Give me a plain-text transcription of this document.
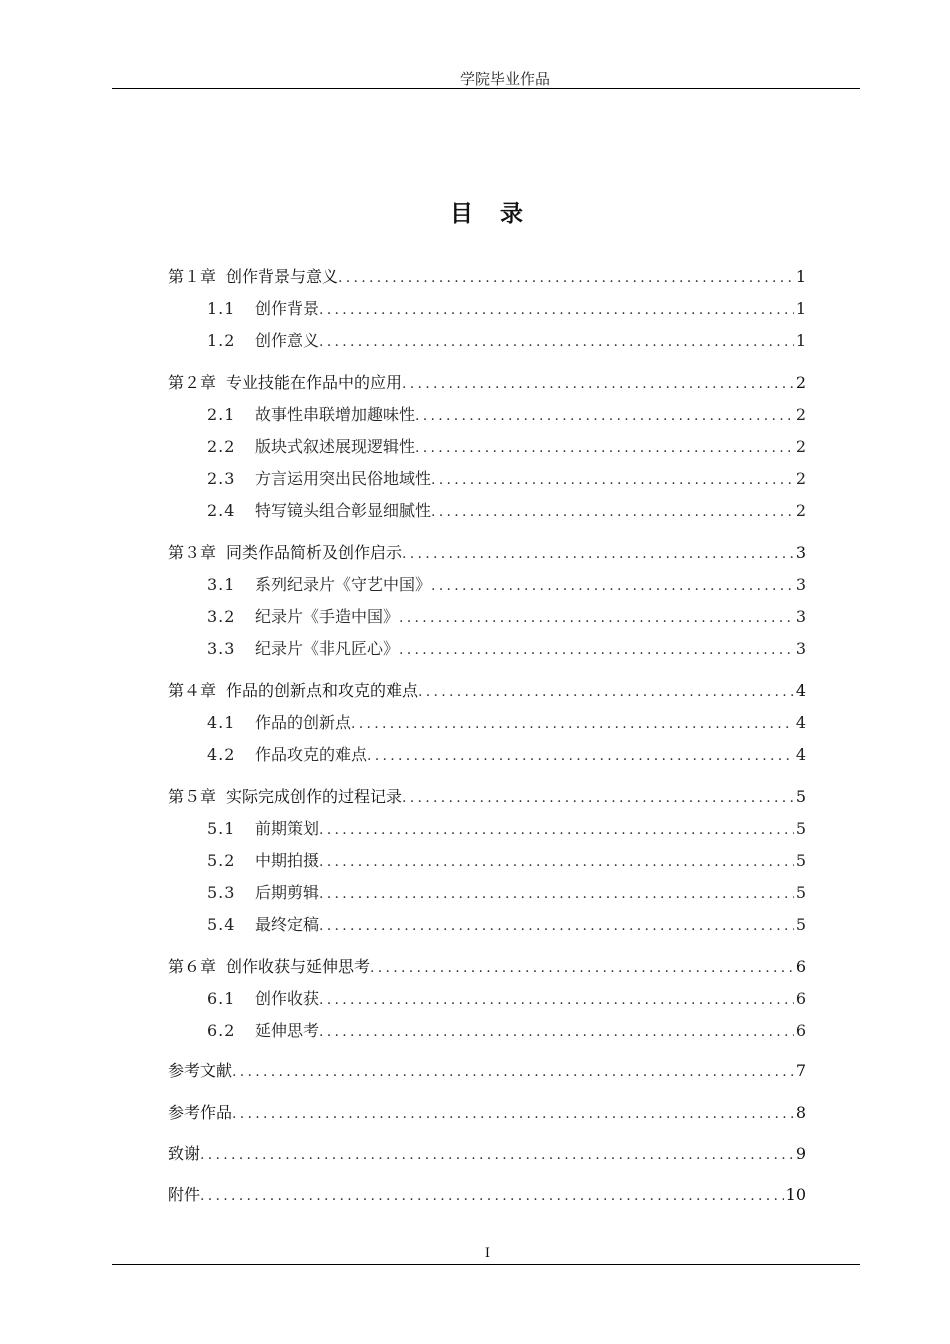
学院毕业作品
目　录
第１章 创作背景与意义 .....	1
1.1	创作背景 .....	1
1.2	创作意义 .....	1
第２章 专业技能在作品中的应用 .....	2
2.1	故事性串联增加趣味性 .....	2
2.2	版块式叙述展现逻辑性 .....	2
2.3	方言运用突出民俗地域性 .....	2
2.4	特写镜头组合彰显细腻性 .....	2
第３章 同类作品简析及创作启示 .....	3
3.1	系列纪录片《守艺中国》 .....	3
3.2	纪录片《手造中国》 .....	3
3.3	纪录片《非凡匠心》 .....	3
第４章 作品的创新点和攻克的难点 .....	4
4.1	作品的创新点 .....	4
4.2	作品攻克的难点 .....	4
第５章 实际完成创作的过程记录 .....	5
5.1	前期策划 .....	5
5.2	中期拍摄 .....	5
5.3	后期剪辑 .....	5
5.4	最终定稿 .....	5
第６章 创作收获与延伸思考 .....	6
6.1	创作收获 .....	6
6.2	延伸思考 .....	6
参考文献 .....	7
参考作品 .....	8
致谢 .....	9
附件 .....	10
I
